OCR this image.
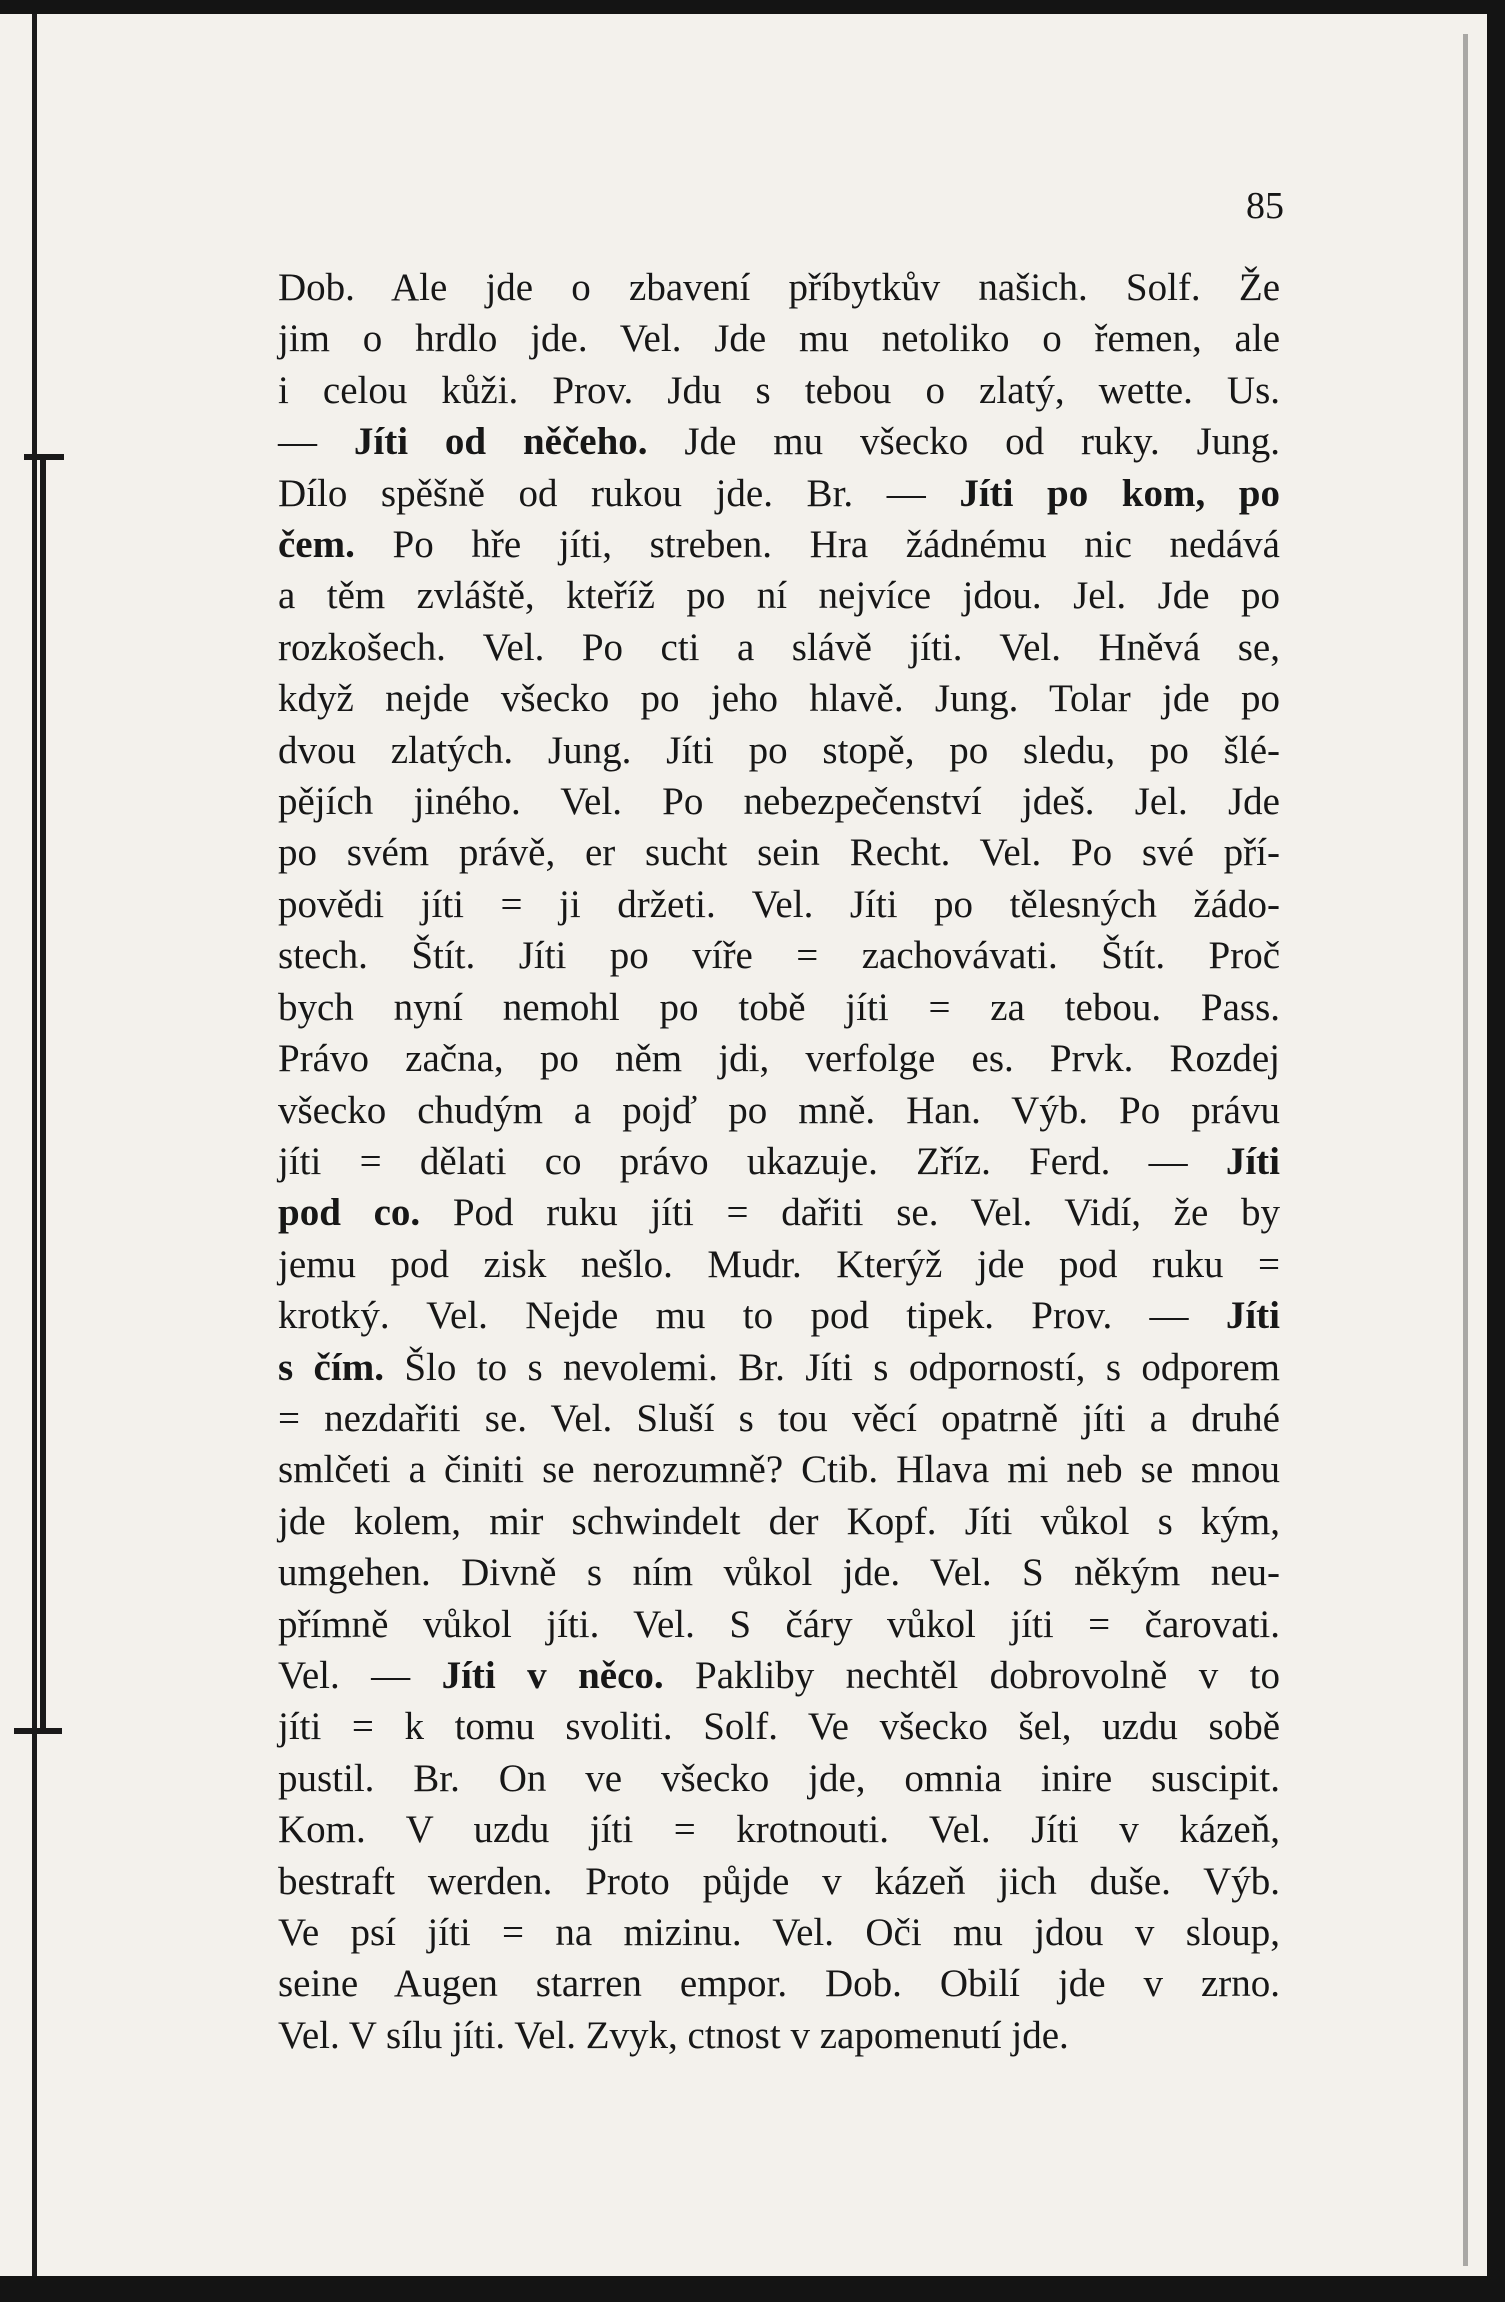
85
Dob. Ale jde o zbavení příbytkův našich. Solf. Že
jim o hrdlo jde. Vel. Jde mu netoliko o řemen, ale
i celou kůži. Prov. Jdu s tebou o zlatý, wette. Us.
— Jíti od něčeho. Jde mu všecko od ruky. Jung.
Dílo spěšně od rukou jde. Br. — Jíti po kom, po
čem. Po hře jíti, streben. Hra žádnému nic nedává
a těm zvláště, kteříž po ní nejvíce jdou. Jel. Jde po
rozkošech. Vel. Po cti a slávě jíti. Vel. Hněvá se,
když nejde všecko po jeho hlavě. Jung. Tolar jde po
dvou zlatých. Jung. Jíti po stopě, po sledu, po šlé-
pějích jiného. Vel. Po nebezpečenství jdeš. Jel. Jde
po svém právě, er sucht sein Recht. Vel. Po své pří-
povědi jíti = ji držeti. Vel. Jíti po tělesných žádo-
stech. Štít. Jíti po víře = zachovávati. Štít. Proč
bych nyní nemohl po tobě jíti = za tebou. Pass.
Právo začna, po něm jdi, verfolge es. Prvk. Rozdej
všecko chudým a pojď po mně. Han. Výb. Po právu
jíti = dělati co právo ukazuje. Zříz. Ferd. — Jíti
pod co. Pod ruku jíti = dařiti se. Vel. Vidí, že by
jemu pod zisk nešlo. Mudr. Kterýž jde pod ruku =
krotký. Vel. Nejde mu to pod tipek. Prov. — Jíti
s čím. Šlo to s nevolemi. Br. Jíti s odporností, s odporem
= nezdařiti se. Vel. Sluší s tou věcí opatrně jíti a druhé
smlčeti a činiti se nerozumně? Ctib. Hlava mi neb se mnou
jde kolem, mir schwindelt der Kopf. Jíti vůkol s kým,
umgehen. Divně s ním vůkol jde. Vel. S někým neu-
přímně vůkol jíti. Vel. S čáry vůkol jíti = čarovati.
Vel. — Jíti v něco. Pakliby nechtěl dobrovolně v to
jíti = k tomu svoliti. Solf. Ve všecko šel, uzdu sobě
pustil. Br. On ve všecko jde, omnia inire suscipit.
Kom. V uzdu jíti = krotnouti. Vel. Jíti v kázeň,
bestraft werden. Proto půjde v kázeň jich duše. Výb.
Ve psí jíti = na mizinu. Vel. Oči mu jdou v sloup,
seine Augen starren empor. Dob. Obilí jde v zrno.
Vel. V sílu jíti. Vel. Zvyk, ctnost v zapomenutí jde.
